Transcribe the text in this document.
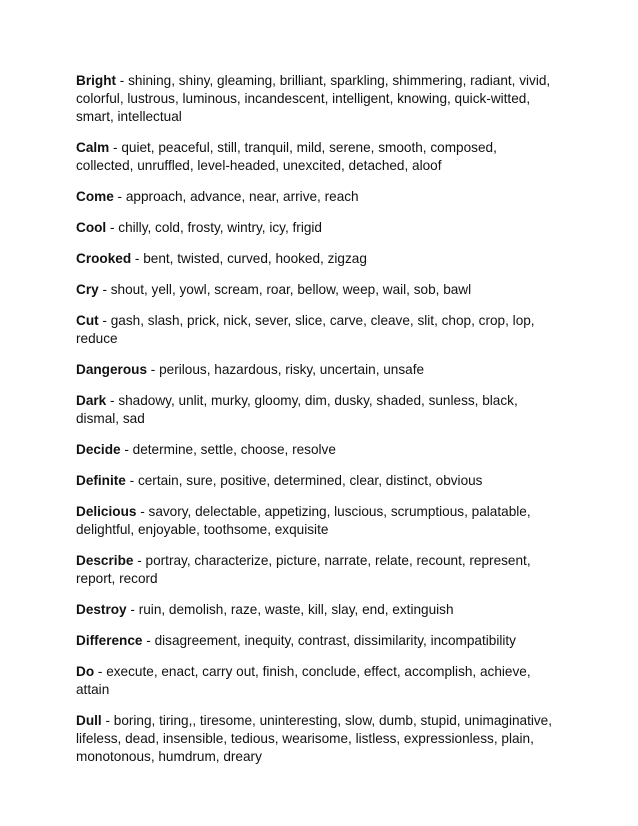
Bright - shining, shiny, gleaming, brilliant, sparkling, shimmering, radiant, vivid, colorful, lustrous, luminous, incandescent, intelligent, knowing, quick-witted, smart, intellectual

Calm - quiet, peaceful, still, tranquil, mild, serene, smooth, composed, collected, unruffled, level-headed, unexcited, detached, aloof

Come - approach, advance, near, arrive, reach

Cool - chilly, cold, frosty, wintry, icy, frigid

Crooked - bent, twisted, curved, hooked, zigzag

Cry - shout, yell, yowl, scream, roar, bellow, weep, wail, sob, bawl

Cut - gash, slash, prick, nick, sever, slice, carve, cleave, slit, chop, crop, lop, reduce

Dangerous - perilous, hazardous, risky, uncertain, unsafe

Dark - shadowy, unlit, murky, gloomy, dim, dusky, shaded, sunless, black, dismal, sad

Decide - determine, settle, choose, resolve

Definite - certain, sure, positive, determined, clear, distinct, obvious

Delicious - savory, delectable, appetizing, luscious, scrumptious, palatable, delightful, enjoyable, toothsome, exquisite

Describe - portray, characterize, picture, narrate, relate, recount, represent, report, record

Destroy - ruin, demolish, raze, waste, kill, slay, end, extinguish

Difference - disagreement, inequity, contrast, dissimilarity, incompatibility

Do - execute, enact, carry out, finish, conclude, effect, accomplish, achieve, attain

Dull - boring, tiring,, tiresome, uninteresting, slow, dumb, stupid, unimaginative, lifeless, dead, insensible, tedious, wearisome, listless, expressionless, plain, monotonous, humdrum, dreary
